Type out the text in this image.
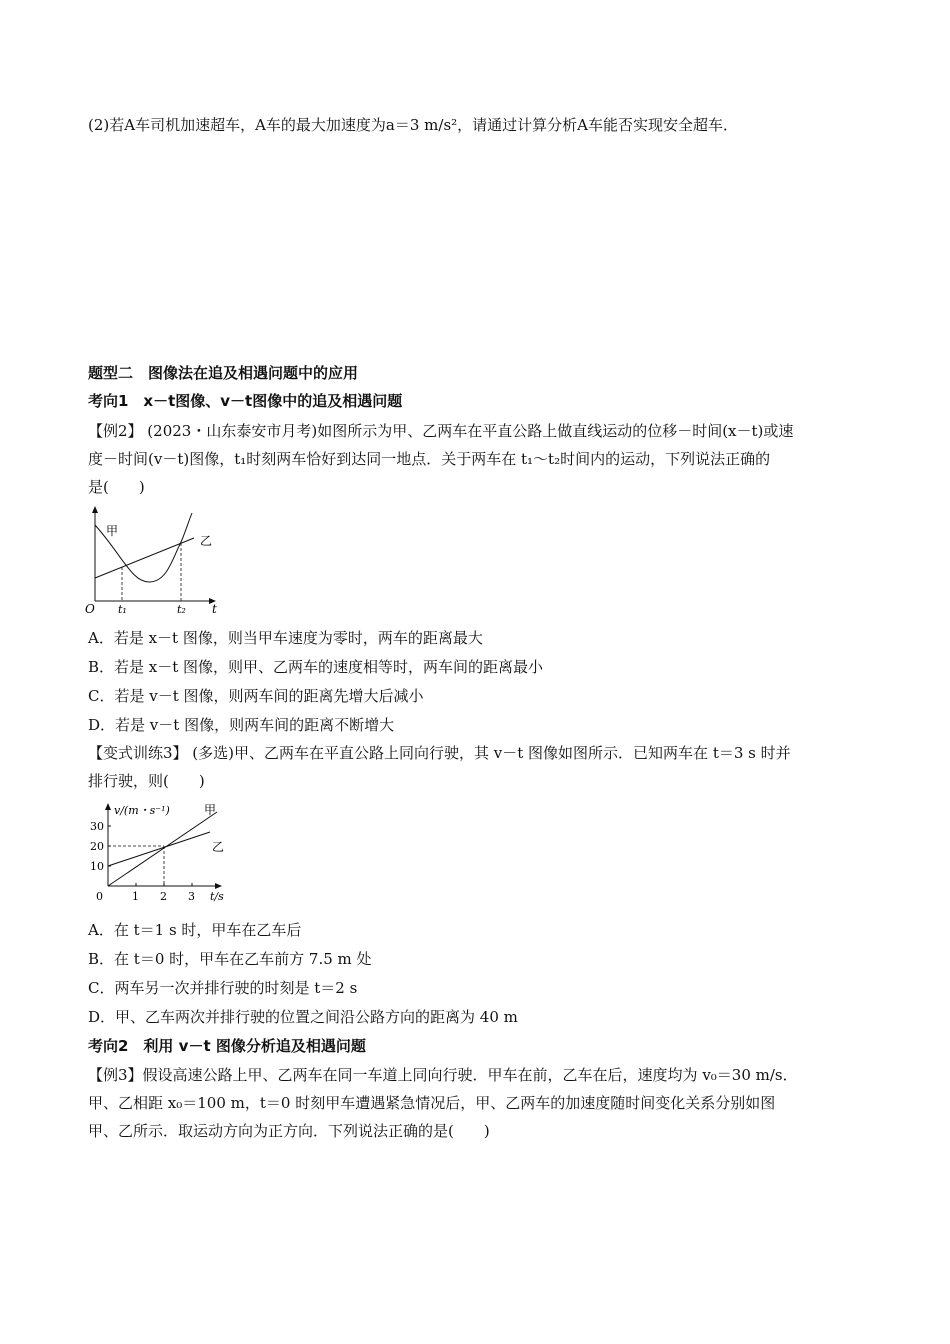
(2)若A车司机加速超车，A车的最大加速度为a＝3 m/s²，请通过计算分析A车能否实现安全超车．
题型二　图像法在追及相遇问题中的应用
考向1　x－t图像、v－t图像中的追及相遇问题
【例2】 (2023・山东泰安市月考)如图所示为甲、乙两车在平直公路上做直线运动的位移－时间(x－t)或速
度－时间(v－t)图像，t₁时刻两车恰好到达同一地点．关于两车在 t₁～t₂时间内的运动，下列说法正确的
是(　　)
甲
乙
O t₁	t₂ t
A．若是 x－t 图像，则当甲车速度为零时，两车的距离最大
B．若是 x－t 图像，则甲、乙两车的速度相等时，两车间的距离最小
C．若是 v－t 图像，则两车间的距离先增大后减小
D．若是 v－t 图像，则两车间的距离不断增大
【变式训练3】 (多选)甲、乙两车在平直公路上同向行驶，其 v－t 图像如图所示．已知两车在 t＝3 s 时并
排行驶，则(　　)
v/(m・s⁻¹)	甲
乙
10
20
30
0	1 2 3 t/s
A．在 t＝1 s 时，甲车在乙车后
B．在 t＝0 时，甲车在乙车前方 7.5 m 处
C．两车另一次并排行驶的时刻是 t＝2 s
D．甲、乙车两次并排行驶的位置之间沿公路方向的距离为 40 m
考向2　利用 v－t 图像分析追及相遇问题
【例3】假设高速公路上甲、乙两车在同一车道上同向行驶．甲车在前，乙车在后，速度均为 v₀＝30 m/s．
甲、乙相距 x₀＝100 m，t＝0 时刻甲车遭遇紧急情况后，甲、乙两车的加速度随时间变化关系分别如图
甲、乙所示．取运动方向为正方向．下列说法正确的是(　　)
